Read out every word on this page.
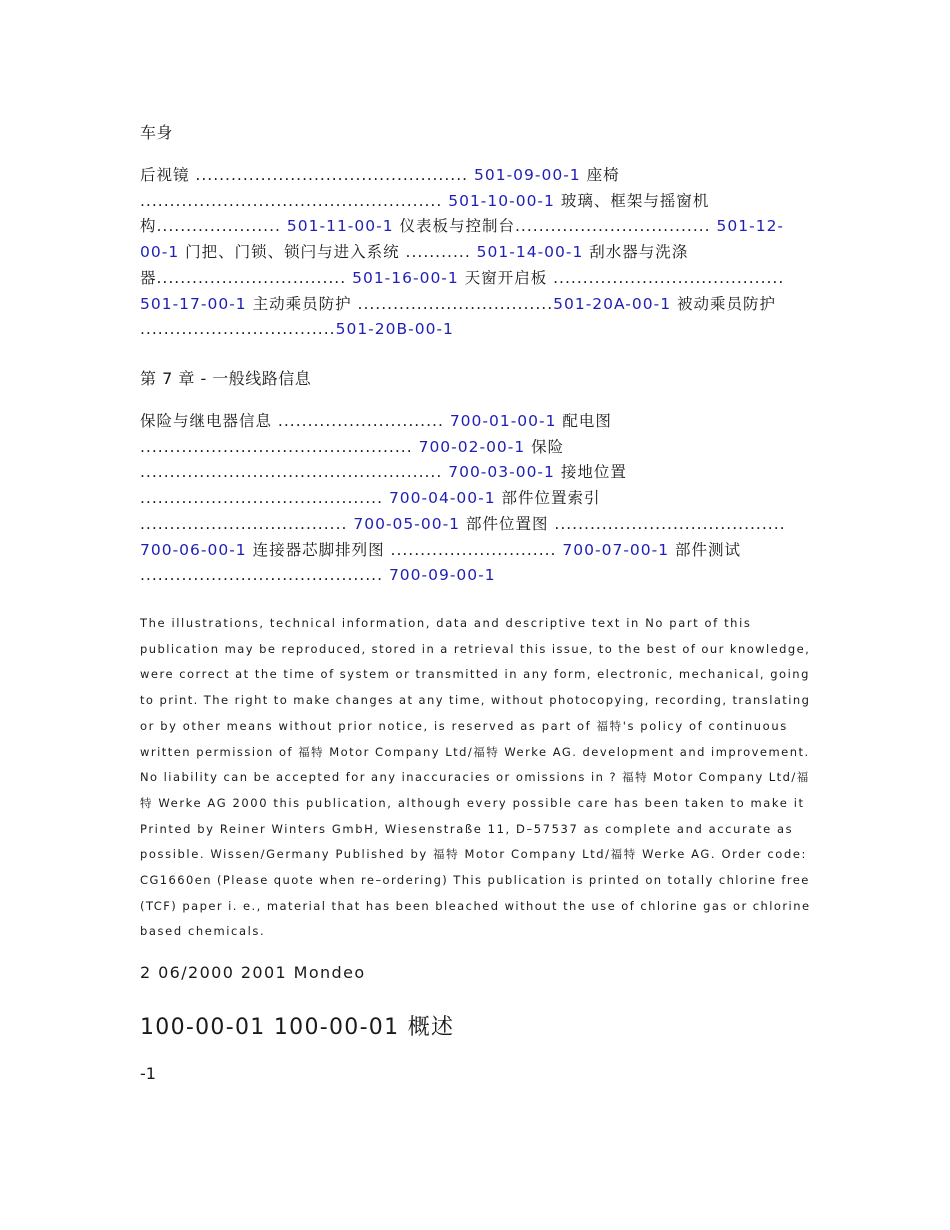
车身
后视镜 .............................................. 501-09-00-1 座椅
................................................... 501-10-00-1 玻璃、框架与摇窗机
构..................... 501-11-00-1 仪表板与控制台................................. 501-12-
00-1 门把、门锁、锁闩与进入系统 ........... 501-14-00-1 刮水器与洗涤
器................................ 501-16-00-1 天窗开启板 .......................................
501-17-00-1 主动乘员防护 .................................501-20A-00-1 被动乘员防护
.................................501-20B-00-1
第 7 章 - 一般线路信息
保险与继电器信息 ............................ 700-01-00-1 配电图
.............................................. 700-02-00-1 保险
................................................... 700-03-00-1 接地位置
......................................... 700-04-00-1 部件位置索引
................................... 700-05-00-1 部件位置图 .......................................
700-06-00-1 连接器芯脚排列图 ............................ 700-07-00-1 部件测试
......................................... 700-09-00-1
The illustrations, technical information, data and descriptive text in No part of this
publication may be reproduced, stored in a retrieval this issue, to the best of our knowledge,
were correct at the time of system or transmitted in any form, electronic, mechanical, going
to print. The right to make changes at any time, without photocopying, recording, translating
or by other means without prior notice, is reserved as part of 福特's policy of continuous
written permission of 福特 Motor Company Ltd/福特 Werke AG. development and improvement.
No liability can be accepted for any inaccuracies or omissions in ? 福特 Motor Company Ltd/福
特 Werke AG 2000 this publication, although every possible care has been taken to make it
Printed by Reiner Winters GmbH, Wiesenstraße 11, D–57537 as complete and accurate as
possible. Wissen/Germany Published by 福特 Motor Company Ltd/福特 Werke AG. Order code:
CG1660en (Please quote when re–ordering) This publication is printed on totally chlorine free
(TCF) paper i. e., material that has been bleached without the use of chlorine gas or chlorine
based chemicals.
2 06/2000 2001 Mondeo
100-00-01 100-00-01 概述
-1
